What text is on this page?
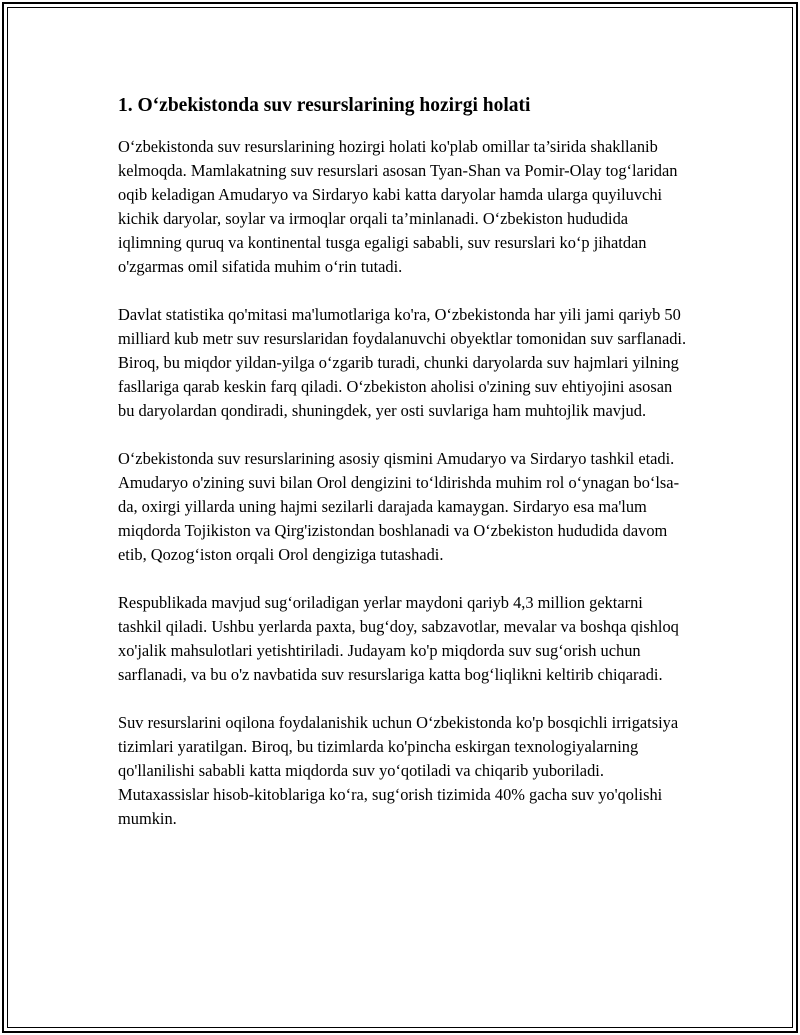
1. O‘zbekistonda suv resurslarining hozirgi holati

O‘zbekistonda suv resurslarining hozirgi holati ko'plab omillar ta’sirida shakllanib kelmoqda. Mamlakatning suv resurslari asosan Tyan-Shan va Pomir-Olay tog‘laridan oqib keladigan Amudaryo va Sirdaryo kabi katta daryolar hamda ularga quyiluvchi kichik daryolar, soylar va irmoqlar orqali ta’minlanadi. O‘zbekiston hududida iqlimning quruq va kontinental tusga egaligi sababli, suv resurslari ko‘p jihatdan o'zgarmas omil sifatida muhim o‘rin tutadi.

Davlat statistika qo'mitasi ma'lumotlariga ko'ra, O‘zbekistonda har yili jami qariyb 50 milliard kub metr suv resurslaridan foydalanuvchi obyektlar tomonidan suv sarflanadi. Biroq, bu miqdor yildan-yilga o‘zgarib turadi, chunki daryolarda suv hajmlari yilning fasllariga qarab keskin farq qiladi. O‘zbekiston aholisi o'zining suv ehtiyojini asosan bu daryolardan qondiradi, shuningdek, yer osti suvlariga ham muhtojlik mavjud.

O‘zbekistonda suv resurslarining asosiy qismini Amudaryo va Sirdaryo tashkil etadi. Amudaryo o'zining suvi bilan Orol dengizini to‘ldirishda muhim rol o‘ynagan bo‘lsa-da, oxirgi yillarda uning hajmi sezilarli darajada kamaygan. Sirdaryo esa ma'lum miqdorda Tojikiston va Qirg'izistondan boshlanadi va O‘zbekiston hududida davom etib, Qozog‘iston orqali Orol dengiziga tutashadi.

Respublikada mavjud sug‘oriladigan yerlar maydoni qariyb 4,3 million gektarni tashkil qiladi. Ushbu yerlarda paxta, bug‘doy, sabzavotlar, mevalar va boshqa qishloq xo'jalik mahsulotlari yetishtiriladi. Judayam ko'p miqdorda suv sug‘orish uchun sarflanadi, va bu o'z navbatida suv resurslariga katta bog‘liqlikni keltirib chiqaradi.

Suv resurslarini oqilona foydalanishik uchun O‘zbekistonda ko'p bosqichli irrigatsiya tizimlari yaratilgan. Biroq, bu tizimlarda ko'pincha eskirgan texnologiyalarning qo'llanilishi sababli katta miqdorda suv yo‘qotiladi va chiqarib yuboriladi. Mutaxassislar hisob-kitoblariga ko‘ra, sug‘orish tizimida 40% gacha suv yo'qolishi mumkin.
